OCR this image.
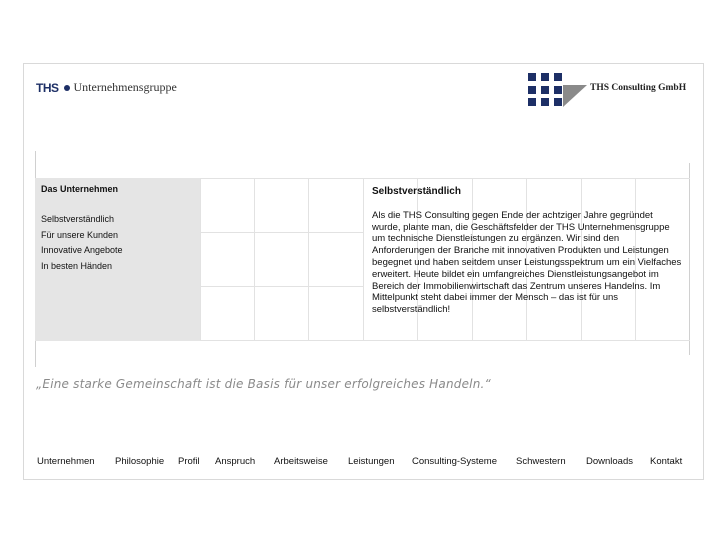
THS Unternehmensgruppe	THS Consulting GmbH
Das Unternehmen
Selbstverständlich
Für unsere Kunden
Innovative Angebote
In besten Händen
Selbstverständlich

Als die THS Consulting gegen Ende der achtziger Jahre gegründet wurde, plante man, die Geschäftsfelder der THS Unternehmensgruppe um technische Dienstleistungen zu ergänzen. Wir sind den Anforderungen der Branche mit innovativen Produkten und Leistungen begegnet und haben seitdem unser Leistungsspektrum um ein Vielfaches erweitert. Heute bildet ein umfangreiches Dienstleistungsangebot im Bereich der Immobilienwirtschaft das Zentrum unseres Handelns. Im Mittelpunkt steht dabei immer der Mensch – das ist für uns selbstverständlich!

„Eine starke Gemeinschaft ist die Basis für unser erfolgreiches Handeln.“
Unternehmen Philosophie Profil Anspruch Arbeitsweise Leistungen Consulting-Systeme Schwestern Downloads Kontakt
